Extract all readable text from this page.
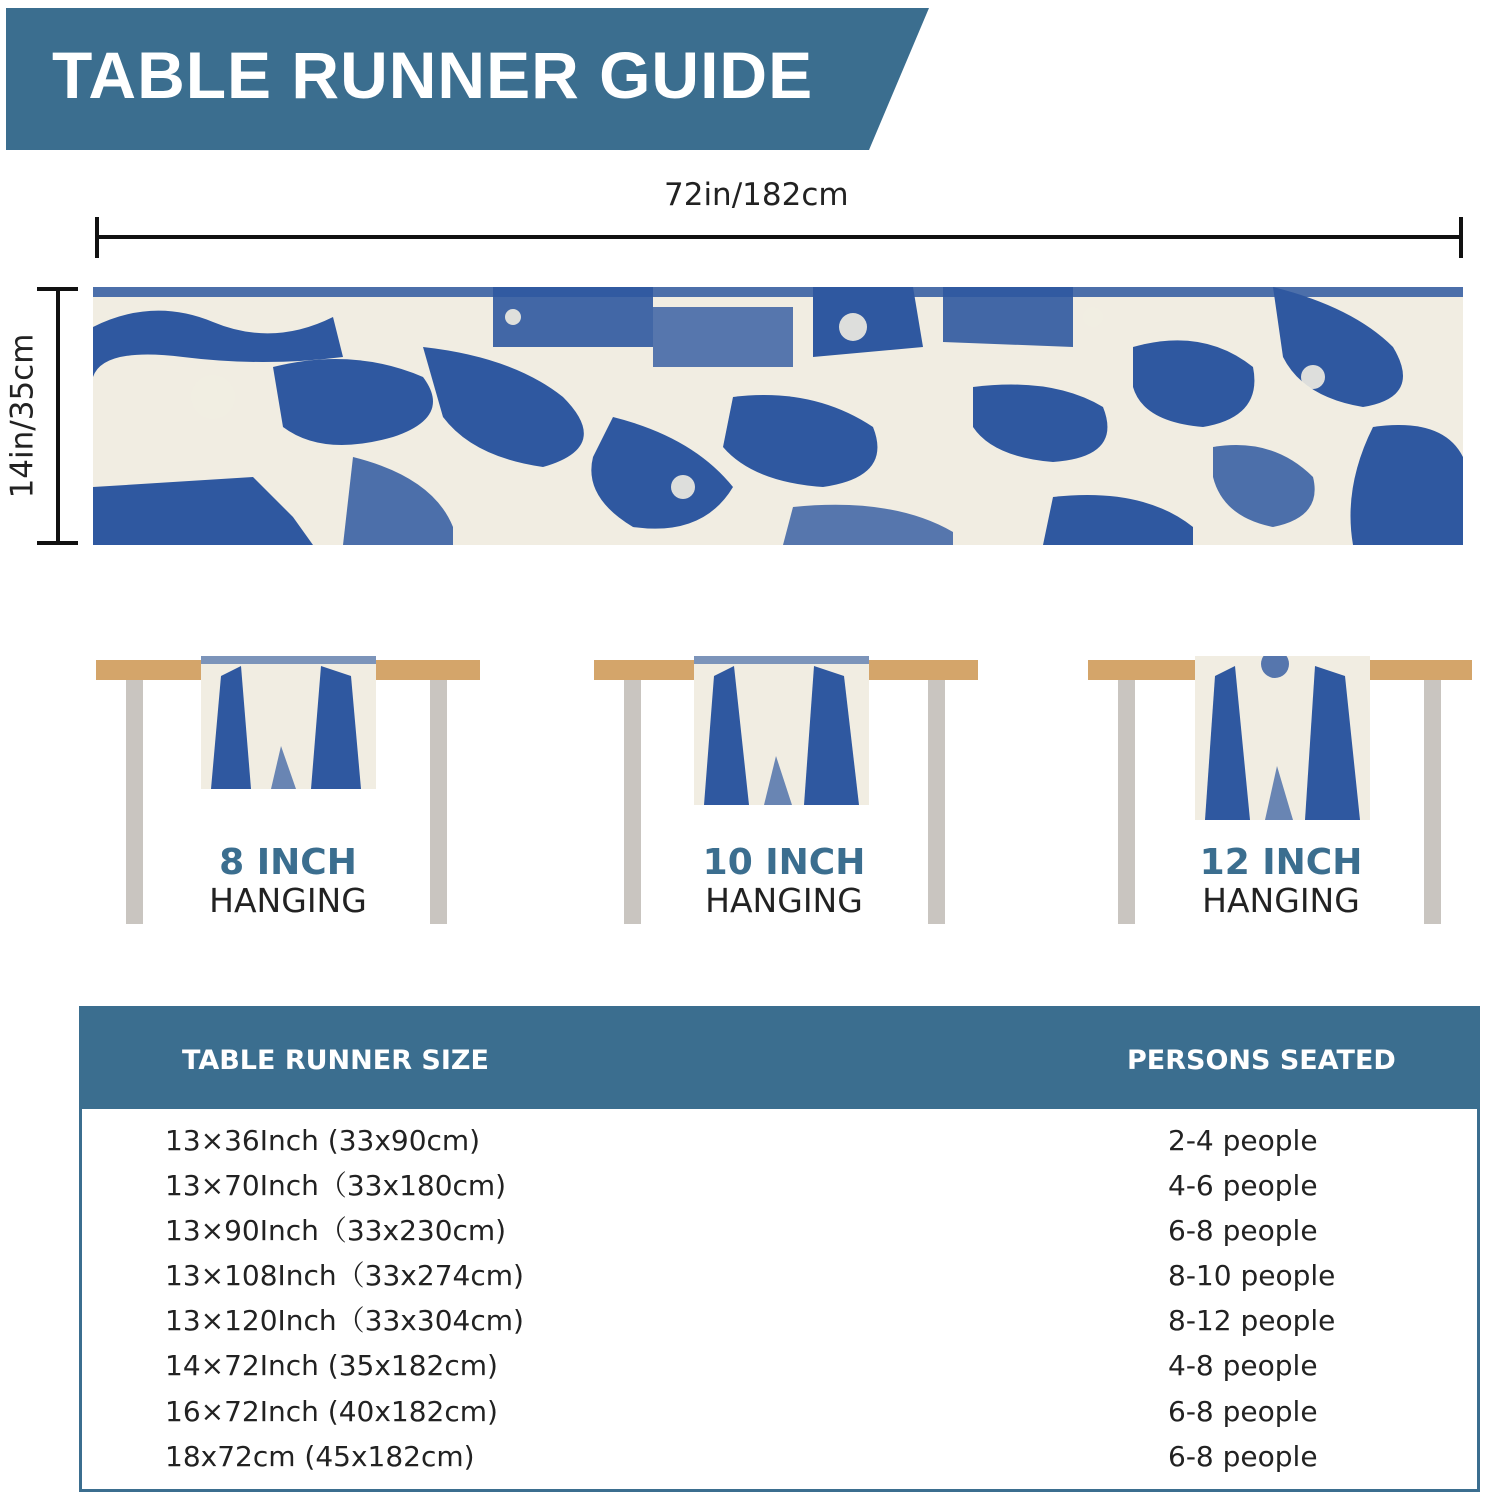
TABLE RUNNER GUIDE
72in/182cm
14in/35cm
8 INCH
HANGING
10 INCH
HANGING
12 INCH
HANGING
TABLE RUNNER SIZE	PERSONS SEATED
13×36Inch (33x90cm)	2-4 people
13×70Inch（33x180cm)	4-6 people
13×90Inch（33x230cm)	6-8 people
13×108Inch（33x274cm)	8-10 people
13×120Inch（33x304cm)	8-12 people
14×72Inch (35x182cm)	4-8 people
16×72Inch (40x182cm)	6-8 people
18x72cm (45x182cm)	6-8 people
